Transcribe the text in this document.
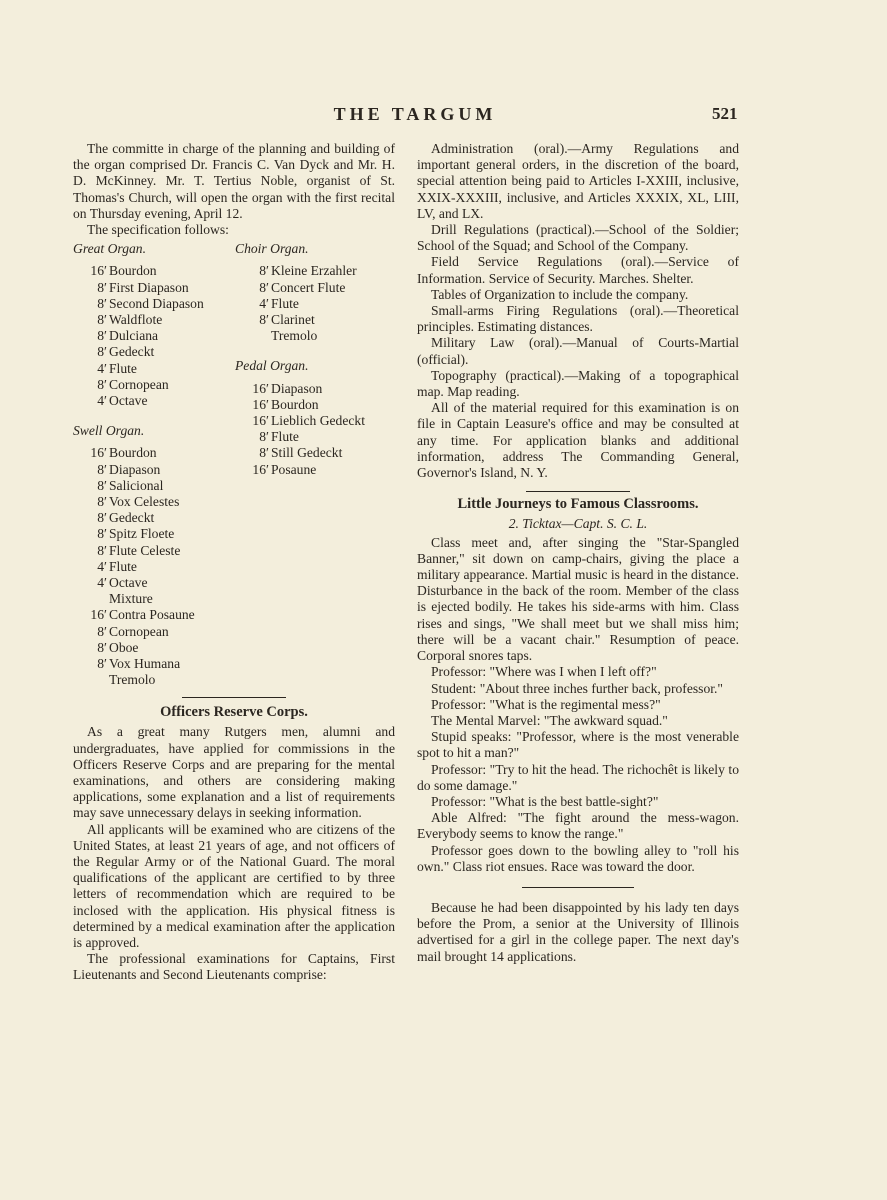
THE TARGUM	521

The committe in charge of the planning and building of the organ comprised Dr. Francis C. Van Dyck and Mr. H. D. McKinney. Mr. T. Tertius Noble, organist of St. Thomas's Church, will open the organ with the first recital on Thursday evening, April 12.

The specification follows:

Great Organ.
16′ Bourdon
8′ First Diapason
8′ Second Diapason
8′ Waldflote
8′ Dulciana
8′ Gedeckt
4′ Flute
8′ Cornopean
4′ Octave
Swell Organ.
16′ Bourdon
8′ Diapason
8′ Salicional
8′ Vox Celestes
8′ Gedeckt
8′ Spitz Floete
8′ Flute Celeste
4′ Flute
4′ Octave
Mixture
16′ Contra Posaune
8′ Cornopean
8′ Oboe
8′ Vox Humana
Tremolo
Choir Organ.
8′ Kleine Erzahler
8′ Concert Flute
4′ Flute
8′ Clarinet
Tremolo
Pedal Organ.
16′ Diapason
16′ Bourdon
16′ Lieblich Gedeckt
8′ Flute
8′ Still Gedeckt
16′ Posaune
Officers Reserve Corps.

As a great many Rutgers men, alumni and undergraduates, have applied for commissions in the Officers Reserve Corps and are preparing for the mental examinations, and others are considering making applications, some explanation and a list of requirements may save unnecessary delays in seeking information.

All applicants will be examined who are citizens of the United States, at least 21 years of age, and not officers of the Regular Army or of the National Guard. The moral qualifications of the applicant are certified to by three letters of recommendation which are required to be inclosed with the application. His physical fitness is determined by a medical examination after the application is approved.

The professional examinations for Captains, First Lieutenants and Second Lieutenants comprise:

Administration (oral).—Army Regulations and important general orders, in the discretion of the board, special attention being paid to Articles I-XXIII, inclusive, XXIX-XXXIII, inclusive, and Articles XXXIX, XL, LIII, LV, and LX.

Drill Regulations (practical).—School of the Soldier; School of the Squad; and School of the Company.

Field Service Regulations (oral).—Service of Information. Service of Security. Marches. Shelter.

Tables of Organization to include the company.

Small-arms Firing Regulations (oral).—Theoretical principles. Estimating distances.

Military Law (oral).—Manual of Courts-Martial (official).

Topography (practical).—Making of a topographical map. Map reading.

All of the material required for this examination is on file in Captain Leasure's office and may be consulted at any time. For application blanks and additional information, address The Commanding General, Governor's Island, N. Y.

Little Journeys to Famous Classrooms.
2. Ticktax—Capt. S. C. L.

Class meet and, after singing the "Star-Spangled Banner," sit down on camp-chairs, giving the place a military appearance. Martial music is heard in the distance. Disturbance in the back of the room. Member of the class is ejected bodily. He takes his side-arms with him. Class rises and sings, "We shall meet but we shall miss him; there will be a vacant chair." Resumption of peace. Corporal snores taps.

Professor: "Where was I when I left off?"

Student: "About three inches further back, professor."

Professor: "What is the regimental mess?"

The Mental Marvel: "The awkward squad."

Stupid speaks: "Professor, where is the most venerable spot to hit a man?"

Professor: "Try to hit the head. The richochêt is likely to do some damage."

Professor: "What is the best battle-sight?"

Able Alfred: "The fight around the mess-wagon. Everybody seems to know the range."

Professor goes down to the bowling alley to "roll his own." Class riot ensues. Race was toward the door.

Because he had been disappointed by his lady ten days before the Prom, a senior at the University of Illinois advertised for a girl in the college paper. The next day's mail brought 14 applications.
